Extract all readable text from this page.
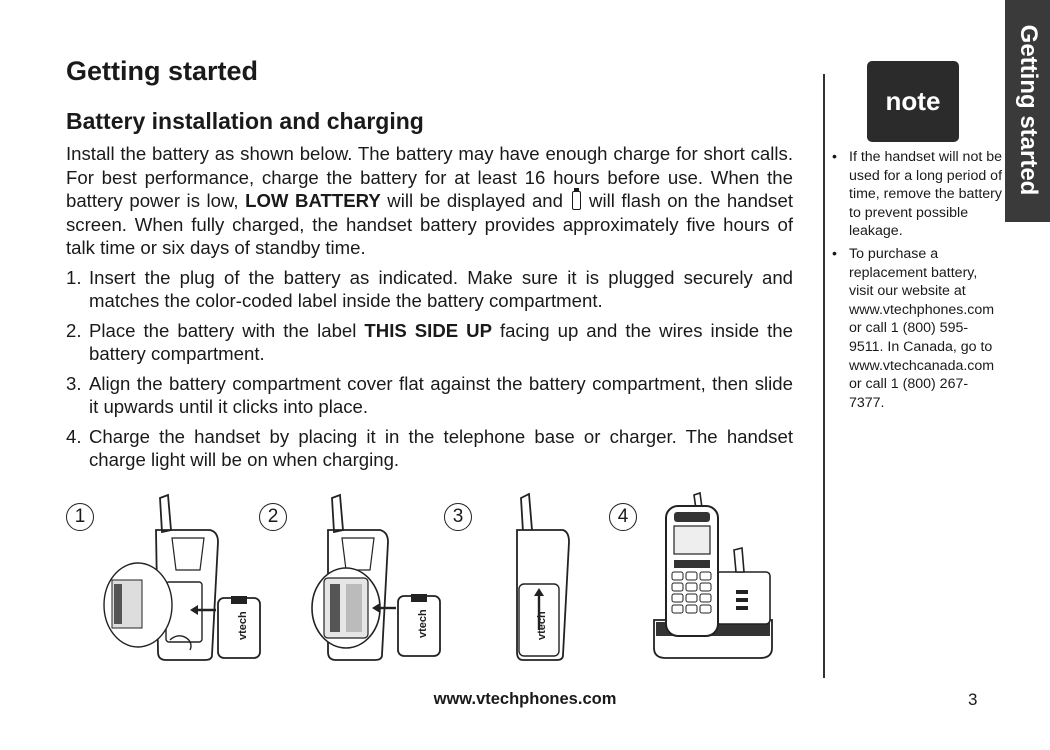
Getting started
Battery installation and charging

Install the battery as shown below. The battery may have enough charge for short calls. For best performance, charge the battery for at least 16 hours before use. When the battery power is low, LOW BATTERY will be displayed and  will flash on the handset screen. When fully charged, the handset battery provides approximately five hours of talk time or six days of standby time.

1. Insert the plug of the battery as indicated. Make sure it is plugged securely and matches the color-coded label inside the battery compartment.
2. Place the battery with the label THIS SIDE UP facing up and the wires inside the battery compartment.
3. Align the battery compartment cover flat against the battery compartment, then slide it upwards until it clicks into place.
4. Charge the handset by placing it in the telephone base or charger. The handset charge light will be on when charging.
note
• If the handset will not be used for a long period of time, remove the battery to prevent possible leakage.
• To purchase a replacement battery, visit our website at www.vtechphones.com or call 1 (800) 595-9511. In Canada, go to www.vtechcanada.com or call 1 (800) 267-7377.
Getting started
1	2	3	4
vtech	vtech	vtech	vtech
www.vtechphones.com	3
